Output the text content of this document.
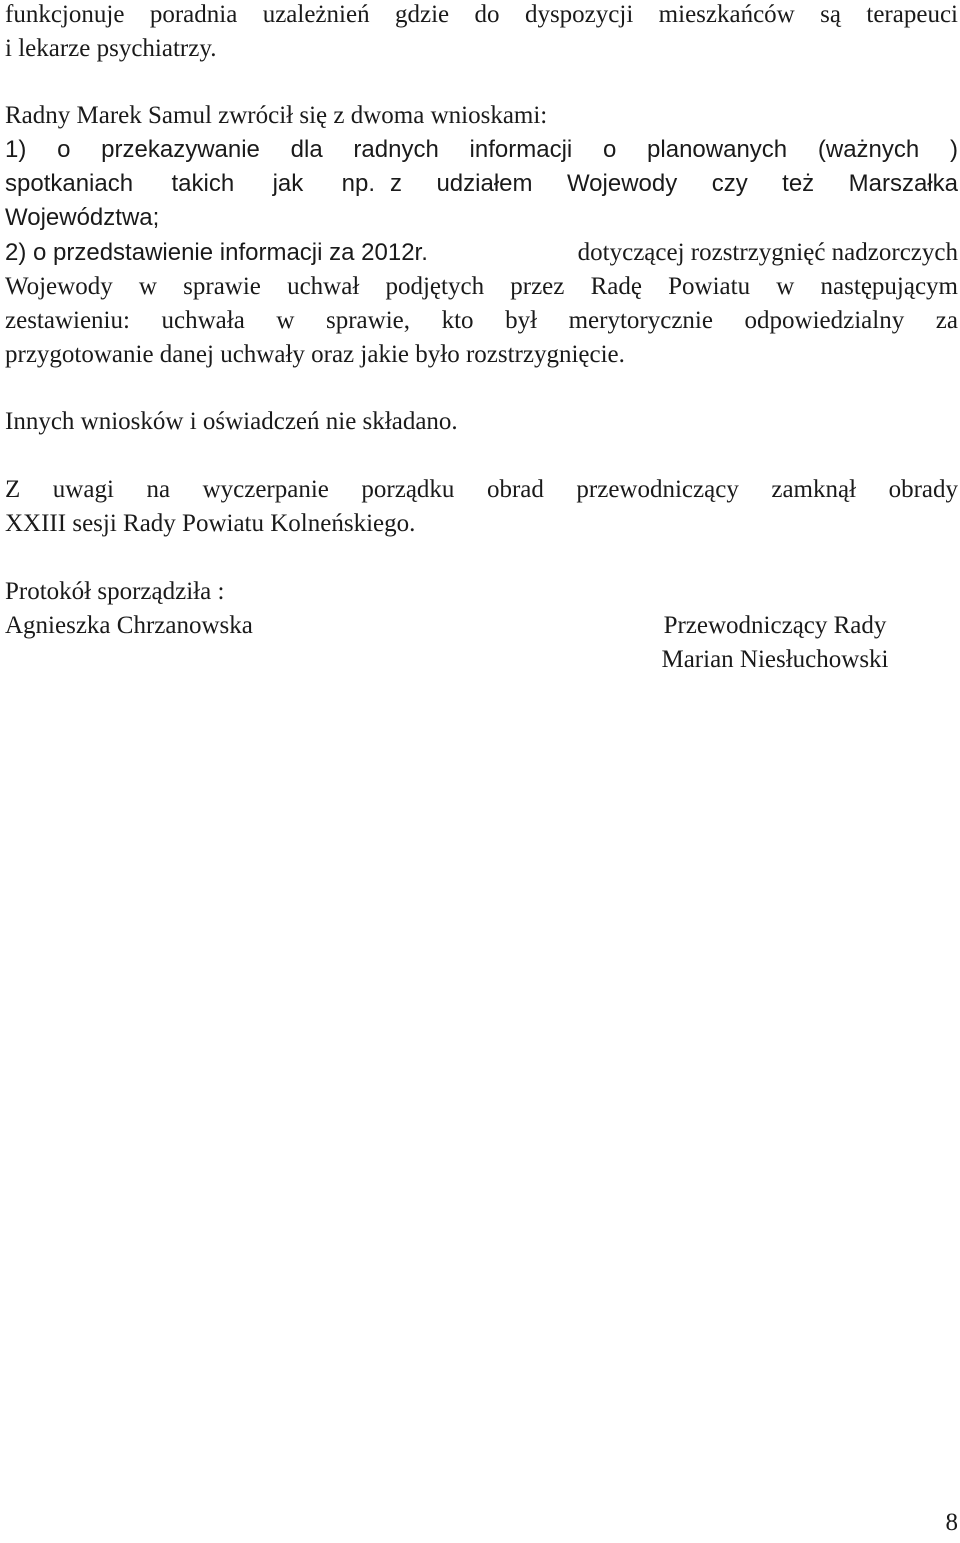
funkcjonuje poradnia uzależnień gdzie do dyspozycji mieszkańców są terapeuci
i lekarze psychiatrzy.
Radny Marek Samul zwrócił się z dwoma wnioskami:
1) o przekazywanie dla radnych informacji o planowanych (ważnych )
spotkaniach takich jak np. z udziałem Wojewody czy też Marszałka
Województwa;
2) o przedstawienie informacji za 2012r.	dotyczącej rozstrzygnięć nadzorczych
Wojewody w sprawie uchwał podjętych przez Radę Powiatu w następującym
zestawieniu: uchwała w sprawie, kto był merytorycznie odpowiedzialny za
przygotowanie danej uchwały oraz jakie było rozstrzygnięcie.
Innych wniosków i oświadczeń nie składano.
Z uwagi na wyczerpanie porządku obrad przewodniczący zamknął obrady
XXIII sesji Rady Powiatu Kolneńskiego.
Protokół sporządziła :
Agnieszka Chrzanowska	Przewodniczący Rady
Marian Niesłuchowski
8
